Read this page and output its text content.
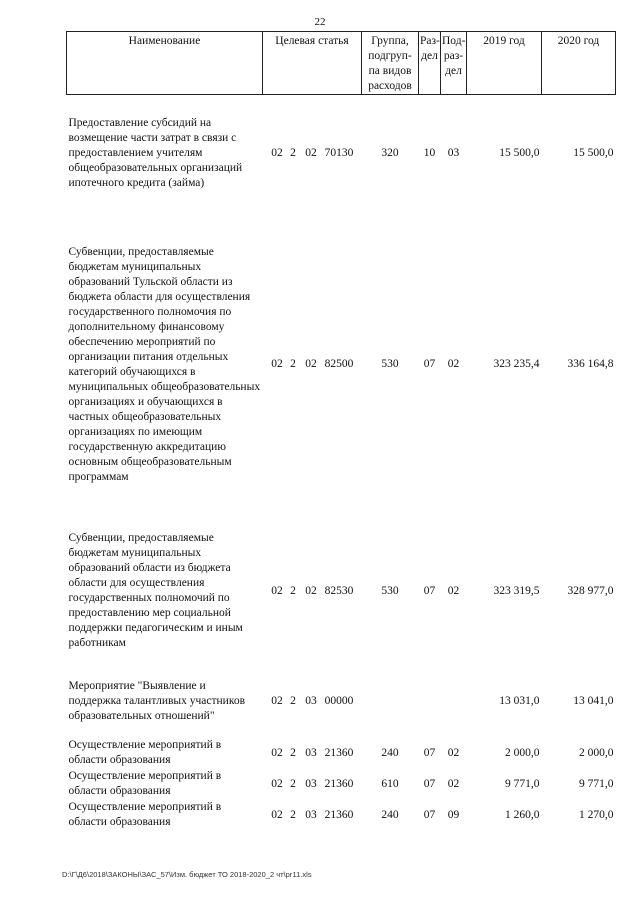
22
Наименование	Целевая статья	Группа, подгруп-па видов расходов	Раз-дел	Под-раз-дел	2019 год	2020 год
Предоставление субсидий на возмещение части затрат в связи с предоставлением учителям общеобразовательных организаций ипотечного кредита (займа)	02 2 02 70130	320	10	03	15 500,0	15 500,0
Субвенции, предоставляемые бюджетам муниципальных образований Тульской области из бюджета области для осуществления государственного полномочия по дополнительному финансовому обеспечению мероприятий по организации питания отдельных категорий обучающихся в муниципальных общеобразовательных организациях и обучающихся в частных общеобразовательных организациях по имеющим государственную аккредитацию основным общеобразовательным программам	02 2 02 82500	530	07	02	323 235,4	336 164,8
Субвенции, предоставляемые бюджетам муниципальных образований области из бюджета области для осуществления государственных полномочий по предоставлению мер социальной поддержки педагогическим и иным работникам	02 2 02 82530	530	07	02	323 319,5	328 977,0
Мероприятие "Выявление и поддержка талантливых участников образовательных отношений"	02 2 03 00000				13 031,0	13 041,0
Осуществление мероприятий в области образования	02 2 03 21360	240	07	02	2 000,0	2 000,0
Осуществление мероприятий в области образования	02 2 03 21360	610	07	02	9 771,0	9 771,0
Осуществление мероприятий в области образования	02 2 03 21360	240	07	09	1 260,0	1 270,0
D:\Г\Д6\2018\ЗАКОНЫ\ЗАС_57\Изм. бюджет ТО 2018-2020_2 чт\рг11.xls
